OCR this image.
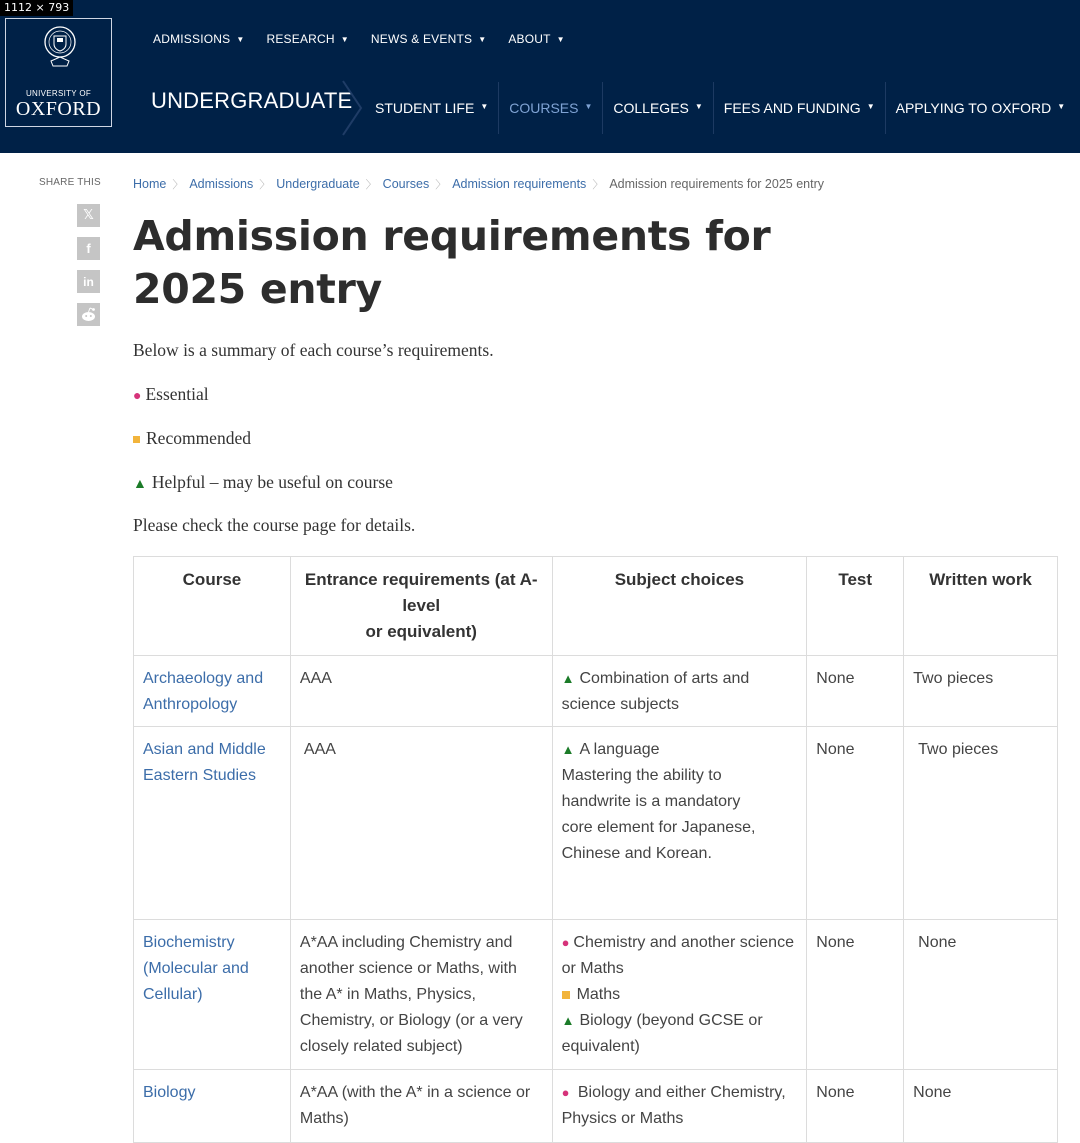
1112 × 793
UNIVERSITY OF
OXFORD
ADMISSIONS ▼ RESEARCH ▼ NEWS & EVENTS ▼ ABOUT ▼
UNDERGRADUATE STUDENT LIFE ▼ COURSES ▼ COLLEGES ▼ FEES AND FUNDING ▼ APPLYING TO OXFORD ▼
SHARE THIS
𝕏
f
in
Home 〉 Admissions 〉 Undergraduate 〉 Courses 〉 Admission requirements 〉 Admission requirements for 2025 entry
Admission requirements for 2025 entry
Below is a summary of each course’s requirements.
● Essential
Recommended
▲ Helpful – may be useful on course
Please check the course page for details.
Course	Entrance requirements (at A-level
or equivalent)	Subject choices	Test	Written work
Archaeology and Anthropology	AAA	▲ Combination of arts and science subjects	None	Two pieces
Asian and Middle Eastern Studies	AAA	▲ A language

Mastering the ability to handwrite is a mandatory core element for Japanese, Chinese and Korean.	None	Two pieces
Biochemistry (Molecular and Cellular)	A*AA including Chemistry and another science or Maths, with the A* in Maths, Physics, Chemistry, or Biology (or a very closely related subject)	● Chemistry and another science or Maths
Maths
▲ Biology (beyond GCSE or equivalent)	None	None
Biology	A*AA (with the A* in a science or Maths)	● Biology and either Chemistry, Physics or Maths	None	None
